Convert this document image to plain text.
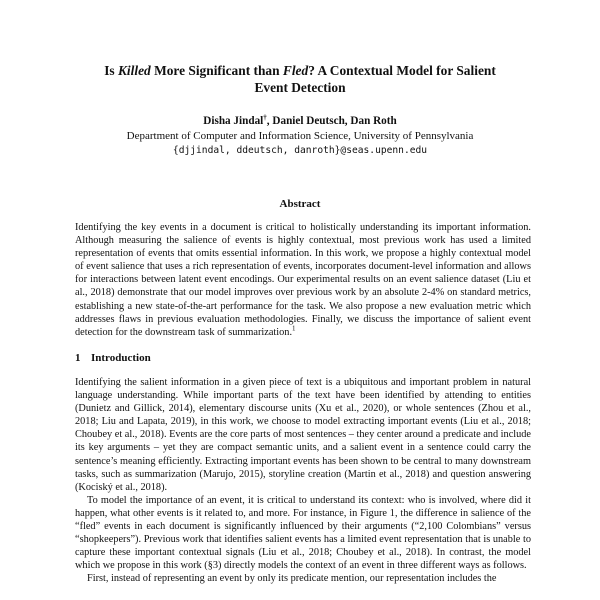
Is Killed More Significant than Fled? A Contextual Model for Salient
Event Detection
Disha Jindal†, Daniel Deutsch, Dan Roth
Department of Computer and Information Science, University of Pennsylvania
{djjindal, ddeutsch, danroth}@seas.upenn.edu
Abstract
Identifying the key events in a document is critical to holistically understanding its important information. Although measuring the salience of events is highly contextual, most previous work has used a limited representation of events that omits essential information. In this work, we propose a highly contextual model of event salience that uses a rich representation of events, incorporates document-level information and allows for interactions between latent event encodings. Our experimental results on an event salience dataset (Liu et al., 2018) demonstrate that our model improves over previous work by an absolute 2-4% on standard metrics, establishing a new state-of-the-art performance for the task. We also propose a new evaluation metric which addresses flaws in previous evaluation methodologies. Finally, we discuss the importance of salient event detection for the downstream task of summarization.$^1$
1 Introduction

Identifying the salient information in a given piece of text is a ubiquitous and important problem in natural language understanding. While important parts of the text have been identified by attending to entities (Dunietz and Gillick, 2014), elementary discourse units (Xu et al., 2020), or whole sentences (Zhou et al., 2018; Liu and Lapata, 2019), in this work, we choose to model extracting important events (Liu et al., 2018; Choubey et al., 2018). Events are the core parts of most sentences – they center around a predicate and include its key arguments – yet they are compact semantic units, and a salient event in a sentence could carry the sentence’s meaning efficiently. Extracting important events has been shown to be central to many downstream tasks, such as summarization (Marujo, 2015), storyline creation (Martin et al., 2018) and question answering (Kociský et al., 2018).

To model the importance of an event, it is critical to understand its context: who is involved, where did it happen, what other events is it related to, and more. For instance, in Figure 1, the difference in salience of the “fled” events in each document is significantly influenced by their arguments (“2,100 Colombians” versus “shopkeepers”). Previous work that identifies salient events has a limited event representation that is unable to capture these important contextual signals (Liu et al., 2018; Choubey et al., 2018). In contrast, the model which we propose in this work (§3) directly models the context of an event in three different ways as follows.

First, instead of representing an event by only its predicate mention, our representation includes the
